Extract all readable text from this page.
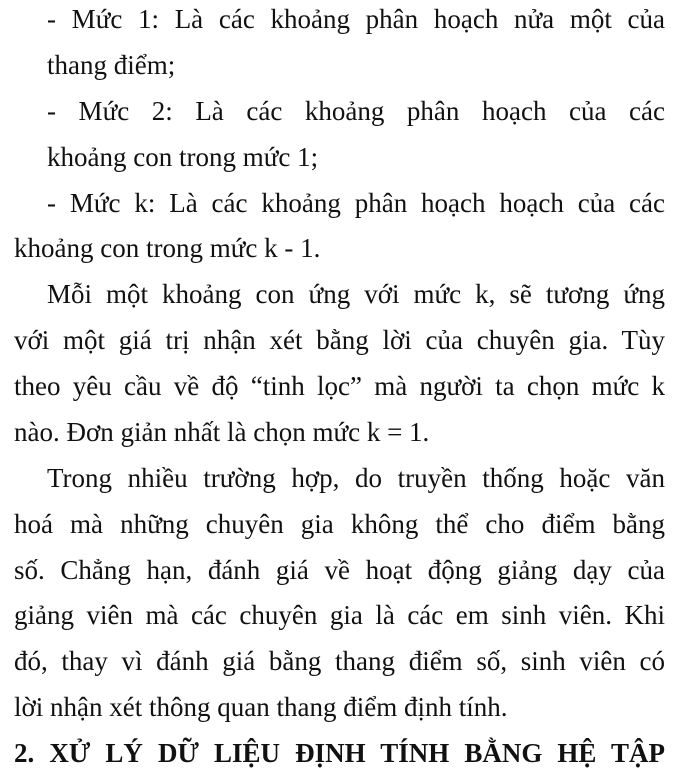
- Mức 1: Là các khoảng phân hoạch nửa một của
thang điểm;
- Mức 2: Là các khoảng phân hoạch của các
khoảng con trong mức 1;
- Mức k: Là các khoảng phân hoạch hoạch của các
khoảng con trong mức k - 1.
Mỗi một khoảng con ứng với mức k, sẽ tương ứng
với một giá trị nhận xét bằng lời của chuyên gia. Tùy
theo yêu cầu về độ “tinh lọc” mà người ta chọn mức k
nào. Đơn giản nhất là chọn mức k = 1.
Trong nhiều trường hợp, do truyền thống hoặc văn
hoá mà những chuyên gia không thể cho điểm bằng
số. Chẳng hạn, đánh giá về hoạt động giảng dạy của
giảng viên mà các chuyên gia là các em sinh viên. Khi
đó, thay vì đánh giá bằng thang điểm số, sinh viên có
lời nhận xét thông quan thang điểm định tính.
2. XỬ LÝ DỮ LIỆU ĐỊNH TÍNH BẰNG HỆ TẬP
